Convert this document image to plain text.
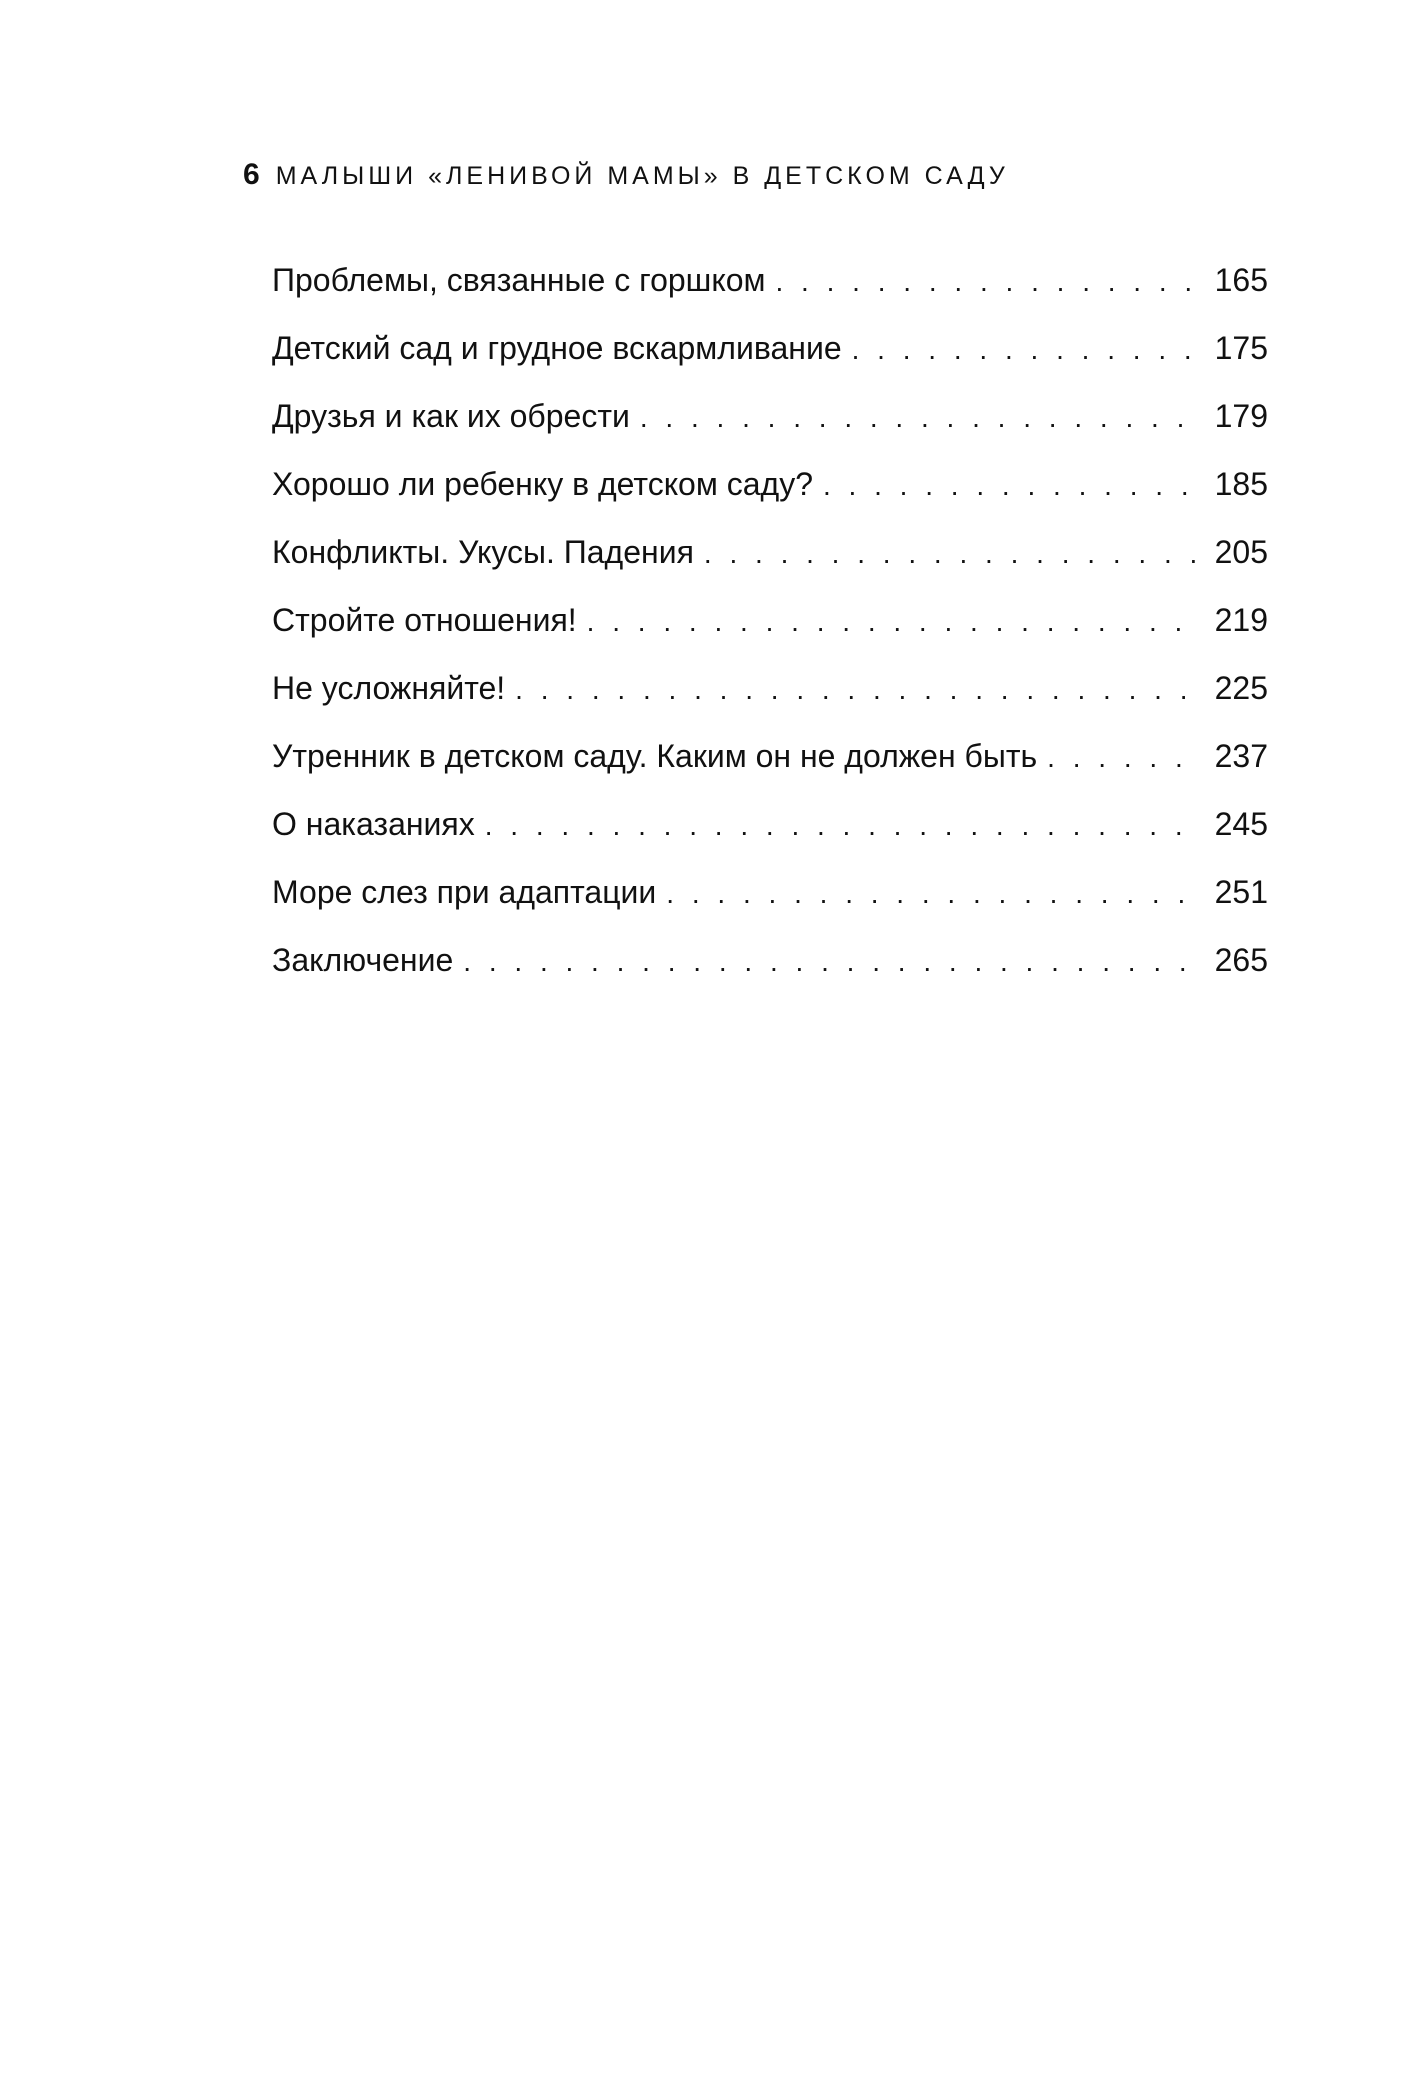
6 МАЛЫШИ «ЛЕНИВОЙ МАМЫ» В ДЕТСКОМ САДУ
Проблемы, связанные с горшком . . .	165
Детский сад и грудное вскармливание . . .	175
Друзья и как их обрести . . .	179
Хорошо ли ребенку в детском саду? . . .	185
Конфликты. Укусы. Падения . . .	205
Стройте отношения! . . .	219
Не усложняйте! . . .	225
Утренник в детском саду. Каким он не должен быть . . .	237
О наказаниях . . .	245
Море слез при адаптации . . .	251
Заключение . . .	265
